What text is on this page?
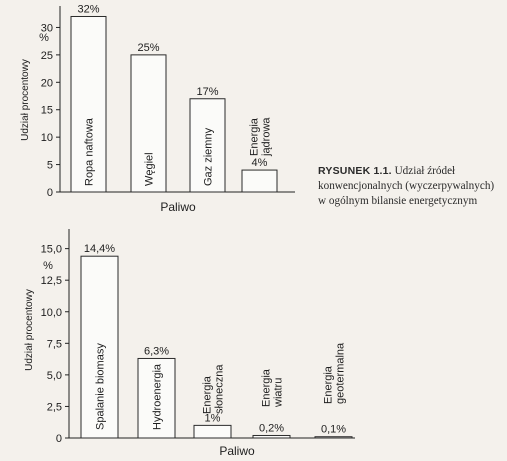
0
5
10
15
20
25
30
%
Udział procentowy
32%
Ropa naftowa
25%
Węgiel
17%
Gaz ziemny	4%
Energiajądrowa
Paliwo
0
2,5
5,0
7,5
10,0
12,5
15,0
%
Udział procentowy
14,4%
Spalanie biomasy	6,3%
Hydroenergia	1%
Energiasłoneczna
0,2%
Energiawiatru
0,1%
Energiageotermalna
Paliwo
RYSUNEK 1.1. Udział źródeł konwencjonalnych (wyczerpywalnych) w ogólnym bilansie energetycznym
